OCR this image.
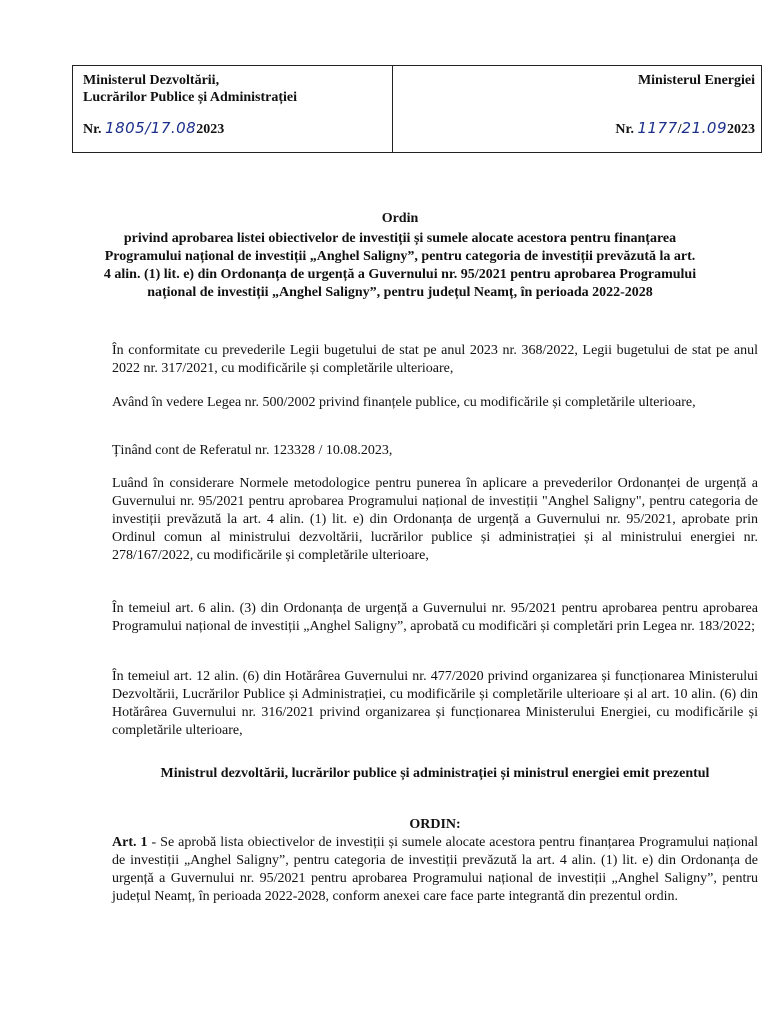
Ministerul Dezvoltării,
Lucrărilor Publice și Administrației
Nr. 1805/17.082023
Ministerul Energiei
Nr. 1177/21.092023
Ordin
privind aprobarea listei obiectivelor de investiții și sumele alocate acestora pentru finanțarea Programului național de investiții „Anghel Saligny”, pentru categoria de investiții prevăzută la art. 4 alin. (1) lit. e) din Ordonanța de urgență a Guvernului nr. 95/2021 pentru aprobarea Programului național de investiții „Anghel Saligny”, pentru județul Neamț, în perioada 2022-2028
În conformitate cu prevederile Legii bugetului de stat pe anul 2023 nr. 368/2022, Legii bugetului de stat pe anul 2022 nr. 317/2021, cu modificările și completările ulterioare,
Având în vedere Legea nr. 500/2002 privind finanțele publice, cu modificările și completările ulterioare,
Ținând cont de Referatul nr. 123328 / 10.08.2023,
Luând în considerare Normele metodologice pentru punerea în aplicare a prevederilor Ordonanței de urgență a Guvernului nr. 95/2021 pentru aprobarea Programului național de investiții "Anghel Saligny", pentru categoria de investiții prevăzută la art. 4 alin. (1) lit. e) din Ordonanța de urgență a Guvernului nr. 95/2021, aprobate prin Ordinul comun al ministrului dezvoltării, lucrărilor publice și administrației și al ministrului energiei nr. 278/167/2022, cu modificările și completările ulterioare,
În temeiul art. 6 alin. (3) din Ordonanța de urgență a Guvernului nr. 95/2021 pentru aprobarea pentru aprobarea Programului național de investiții „Anghel Saligny”, aprobată cu modificări și completări prin Legea nr. 183/2022;
În temeiul art. 12 alin. (6) din Hotărârea Guvernului nr. 477/2020 privind organizarea și funcționarea Ministerului Dezvoltării, Lucrărilor Publice și Administrației, cu modificările și completările ulterioare și al art. 10 alin. (6) din Hotărârea Guvernului nr. 316/2021 privind organizarea și funcționarea Ministerului Energiei, cu modificările și completările ulterioare,
Ministrul dezvoltării, lucrărilor publice și administrației și ministrul energiei emit prezentul
ORDIN:
Art. 1 - Se aprobă lista obiectivelor de investiții și sumele alocate acestora pentru finanțarea Programului național de investiții „Anghel Saligny”, pentru categoria de investiții prevăzută la art. 4 alin. (1) lit. e) din Ordonanța de urgență a Guvernului nr. 95/2021 pentru aprobarea Programului național de investiții „Anghel Saligny”, pentru județul Neamț, în perioada 2022-2028, conform anexei care face parte integrantă din prezentul ordin.
